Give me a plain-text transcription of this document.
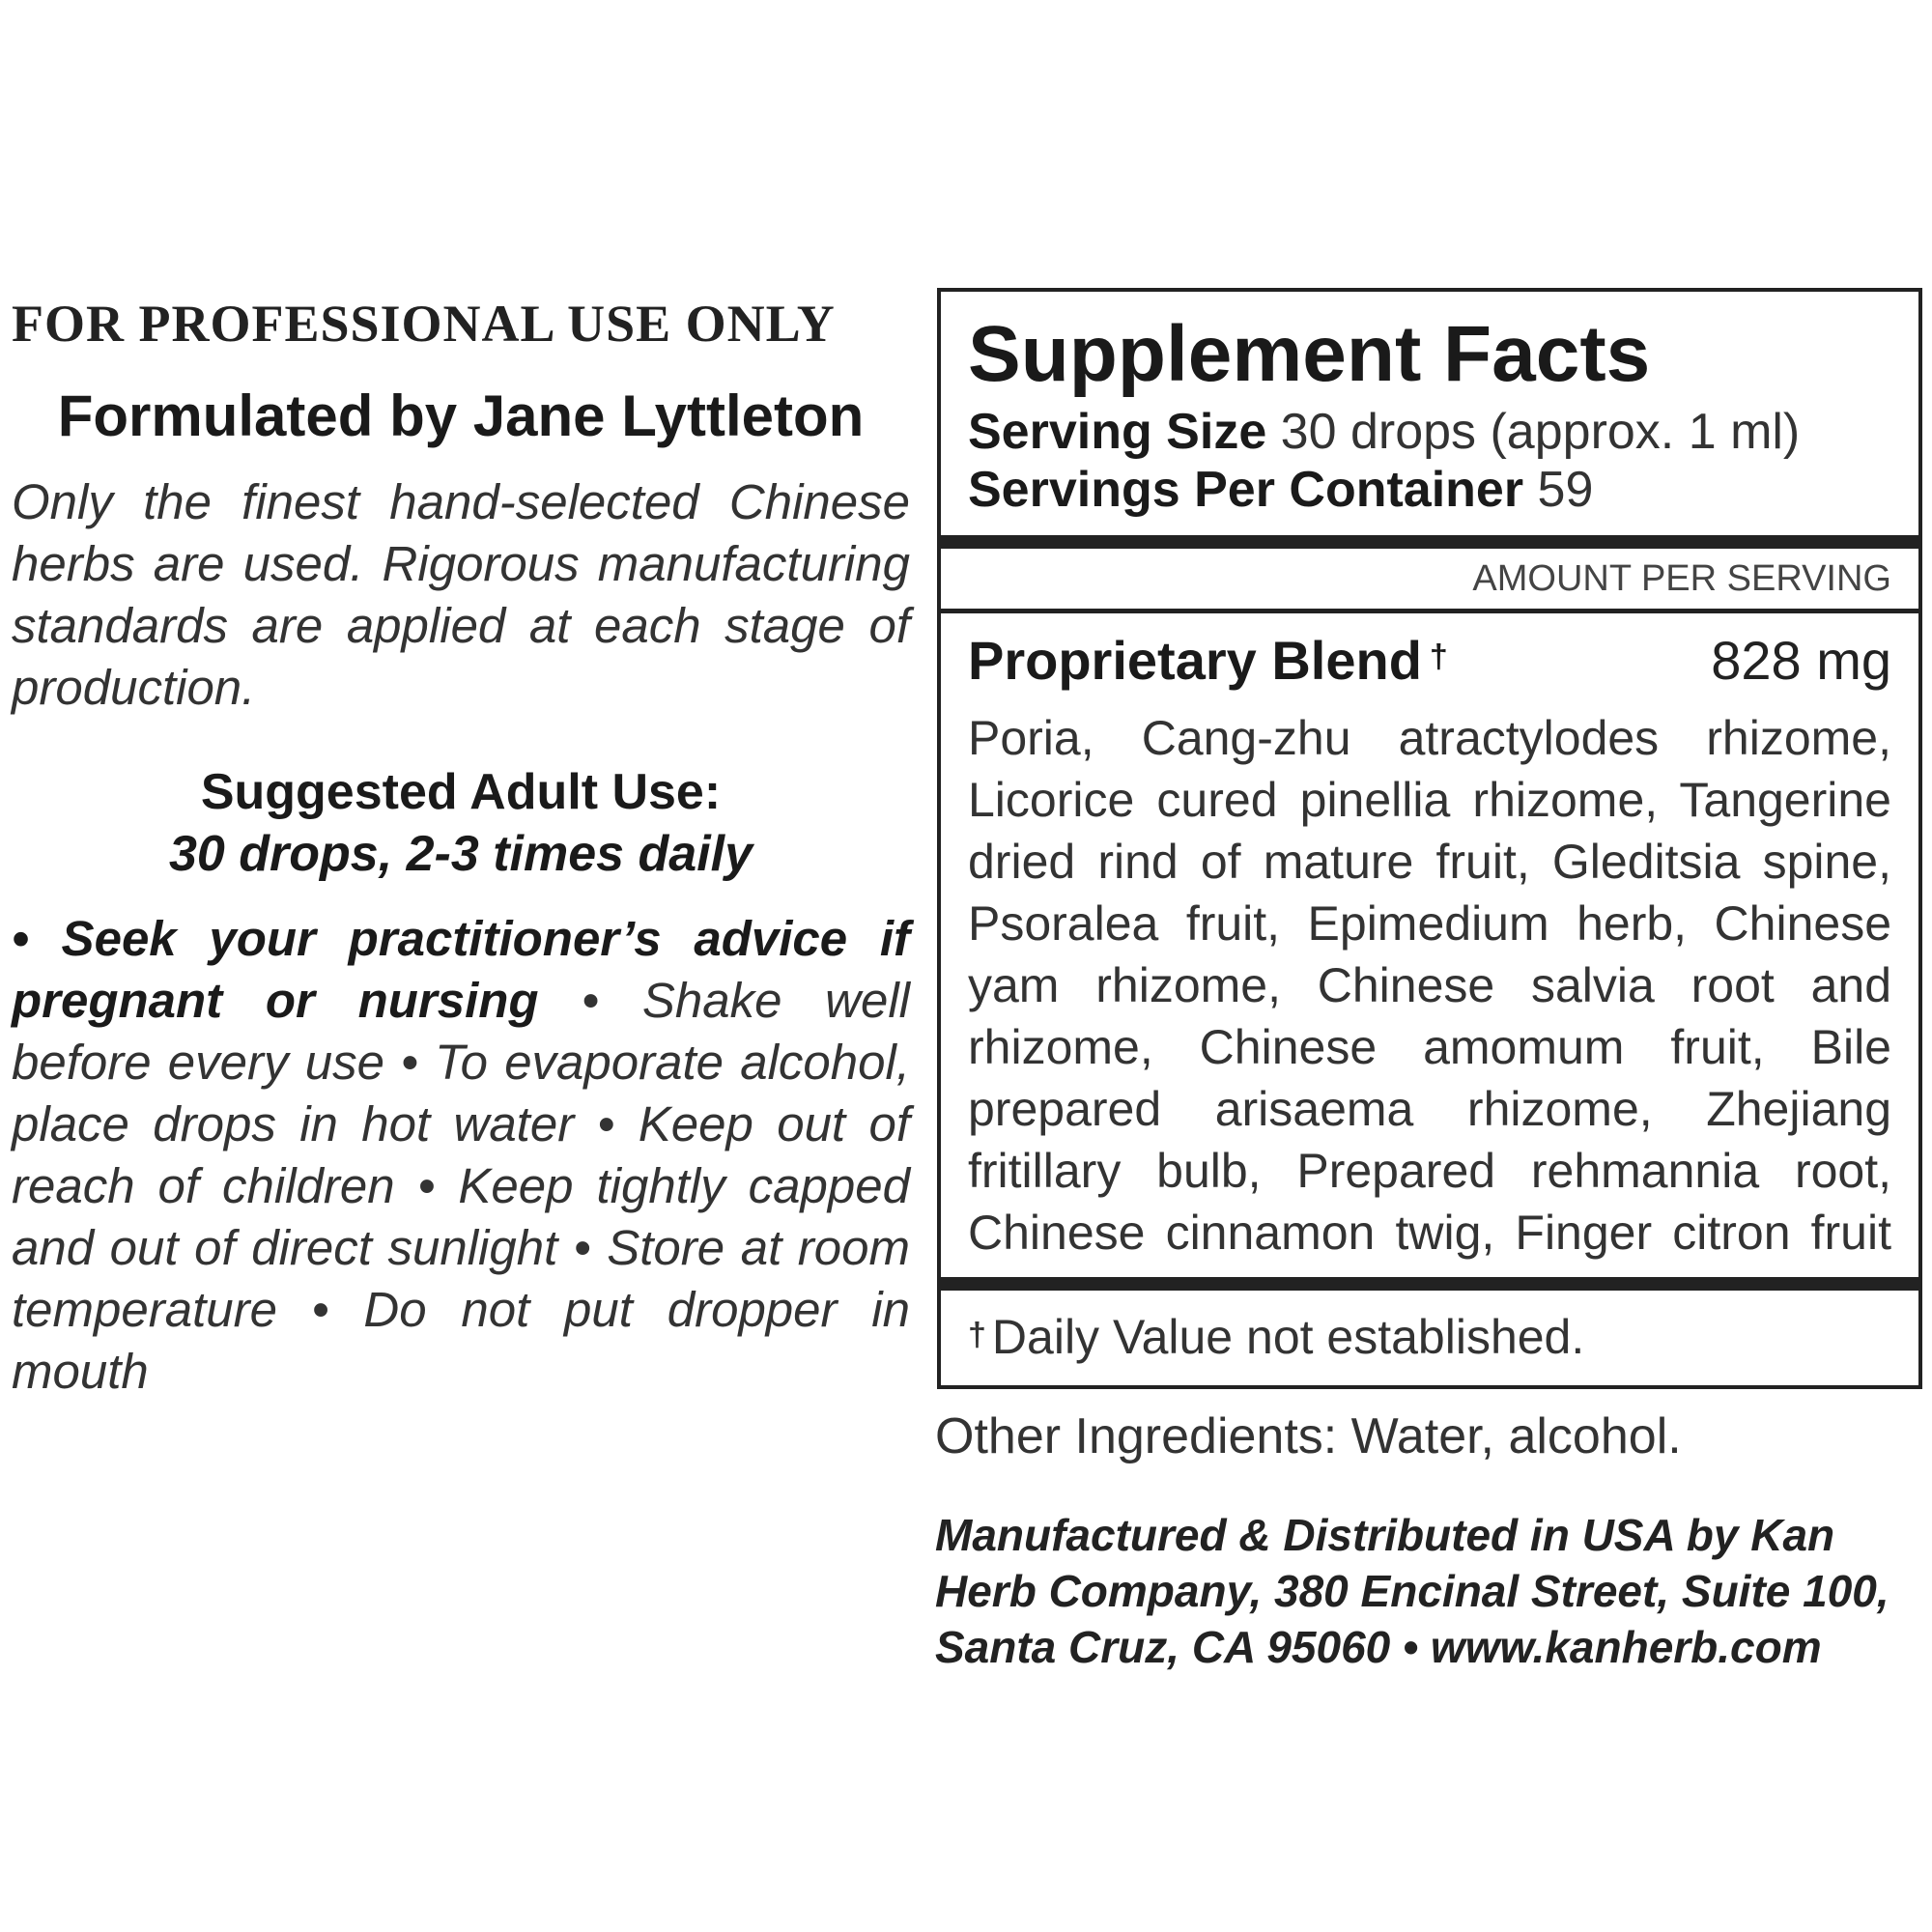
FOR PROFESSIONAL USE ONLY

Formulated by Jane Lyttleton

Only the finest hand-selected Chinese herbs are used. Rigorous manufacturing standards are applied at each stage of production.

Suggested Adult Use:

30 drops, 2-3 times daily

• Seek your practitioner’s advice if pregnant or nursing • Shake well before every use • To evaporate alcohol, place drops in hot water • Keep out of reach of children • Keep tightly capped and out of direct sunlight • Store at room temperature • Do not put dropper in mouth

Supplement Facts
Serving Size 30 drops (approx. 1 ml)
Servings Per Container 59
AMOUNT PER SERVING
Proprietary Blend †	828 mg

Poria, Cang-zhu atractylodes rhizome, Licorice cured pinellia rhizome, Tangerine dried rind of mature fruit, Gleditsia spine, Psoralea fruit, Epimedium herb, Chinese yam rhizome, Chinese salvia root and rhizome, Chinese amomum fruit, Bile prepared arisaema rhizome, Zhejiang fritillary bulb, Prepared rehmannia root, Chinese cinnamon twig, Finger citron fruit

† Daily Value not established.
Other Ingredients: Water, alcohol.

Manufactured & Distributed in USA by Kan Herb Company, 380 Encinal Street, Suite 100, Santa Cruz, CA 95060 • www.kanherb.com
